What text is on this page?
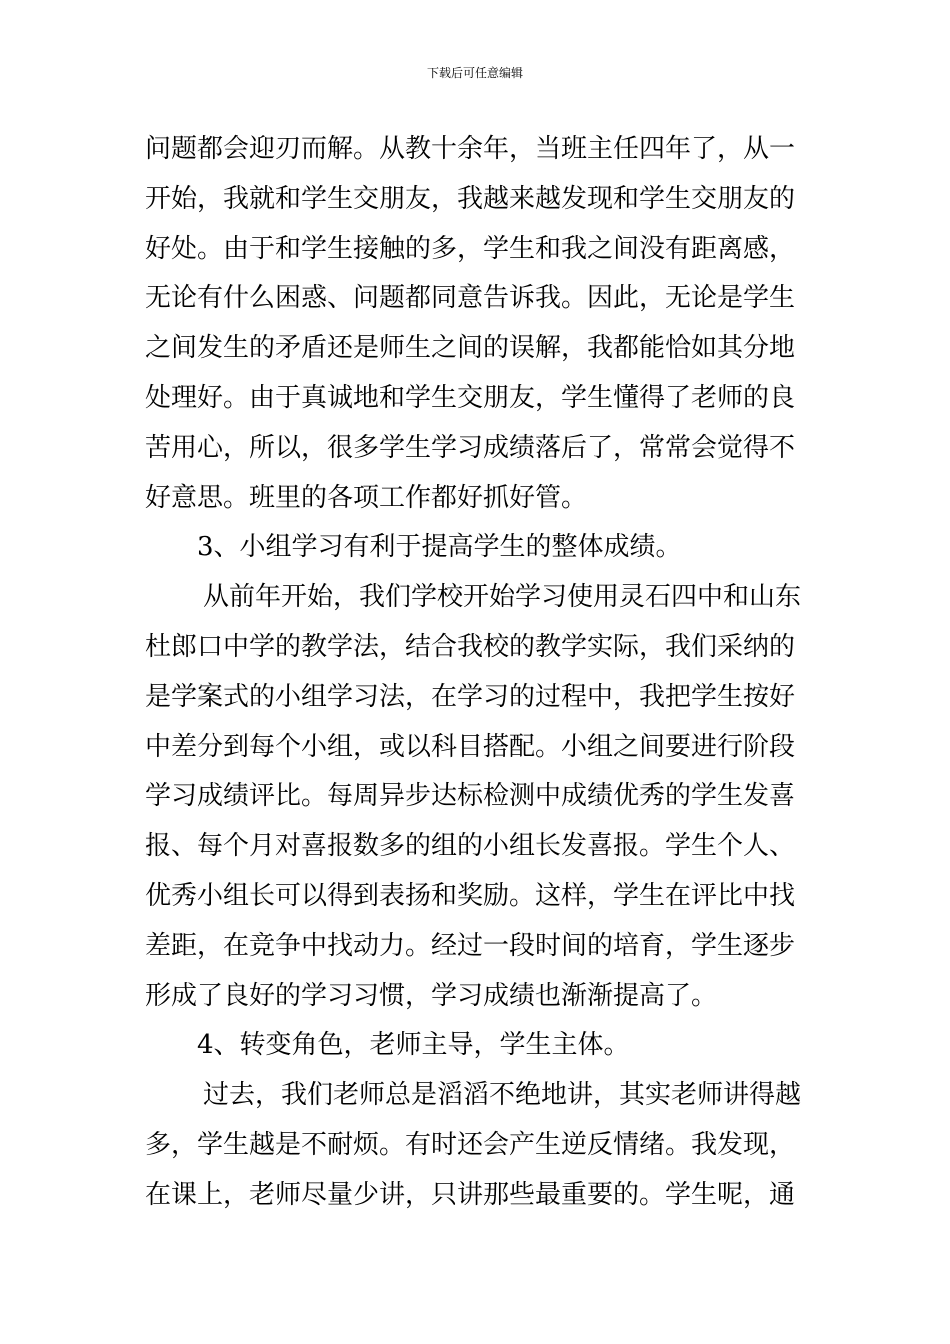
下载后可任意编辑
问题都会迎刃而解。从教十余年，当班主任四年了，从一
开始，我就和学生交朋友，我越来越发现和学生交朋友的
好处。由于和学生接触的多，学生和我之间没有距离感，
无论有什么困惑、问题都同意告诉我。因此，无论是学生
之间发生的矛盾还是师生之间的误解，我都能恰如其分地
处理好。由于真诚地和学生交朋友，学生懂得了老师的良
苦用心，所以，很多学生学习成绩落后了，常常会觉得不
好意思。班里的各项工作都好抓好管。
3、小组学习有利于提高学生的整体成绩。
从前年开始，我们学校开始学习使用灵石四中和山东
杜郎口中学的教学法，结合我校的教学实际，我们采纳的
是学案式的小组学习法，在学习的过程中，我把学生按好
中差分到每个小组，或以科目搭配。小组之间要进行阶段
学习成绩评比。每周异步达标检测中成绩优秀的学生发喜
报、每个月对喜报数多的组的小组长发喜报。学生个人、
优秀小组长可以得到表扬和奖励。这样，学生在评比中找
差距，在竞争中找动力。经过一段时间的培育，学生逐步
形成了良好的学习习惯，学习成绩也渐渐提高了。
4、转变角色，老师主导，学生主体。
过去，我们老师总是滔滔不绝地讲，其实老师讲得越
多，学生越是不耐烦。有时还会产生逆反情绪。我发现，
在课上，老师尽量少讲，只讲那些最重要的。学生呢，通
